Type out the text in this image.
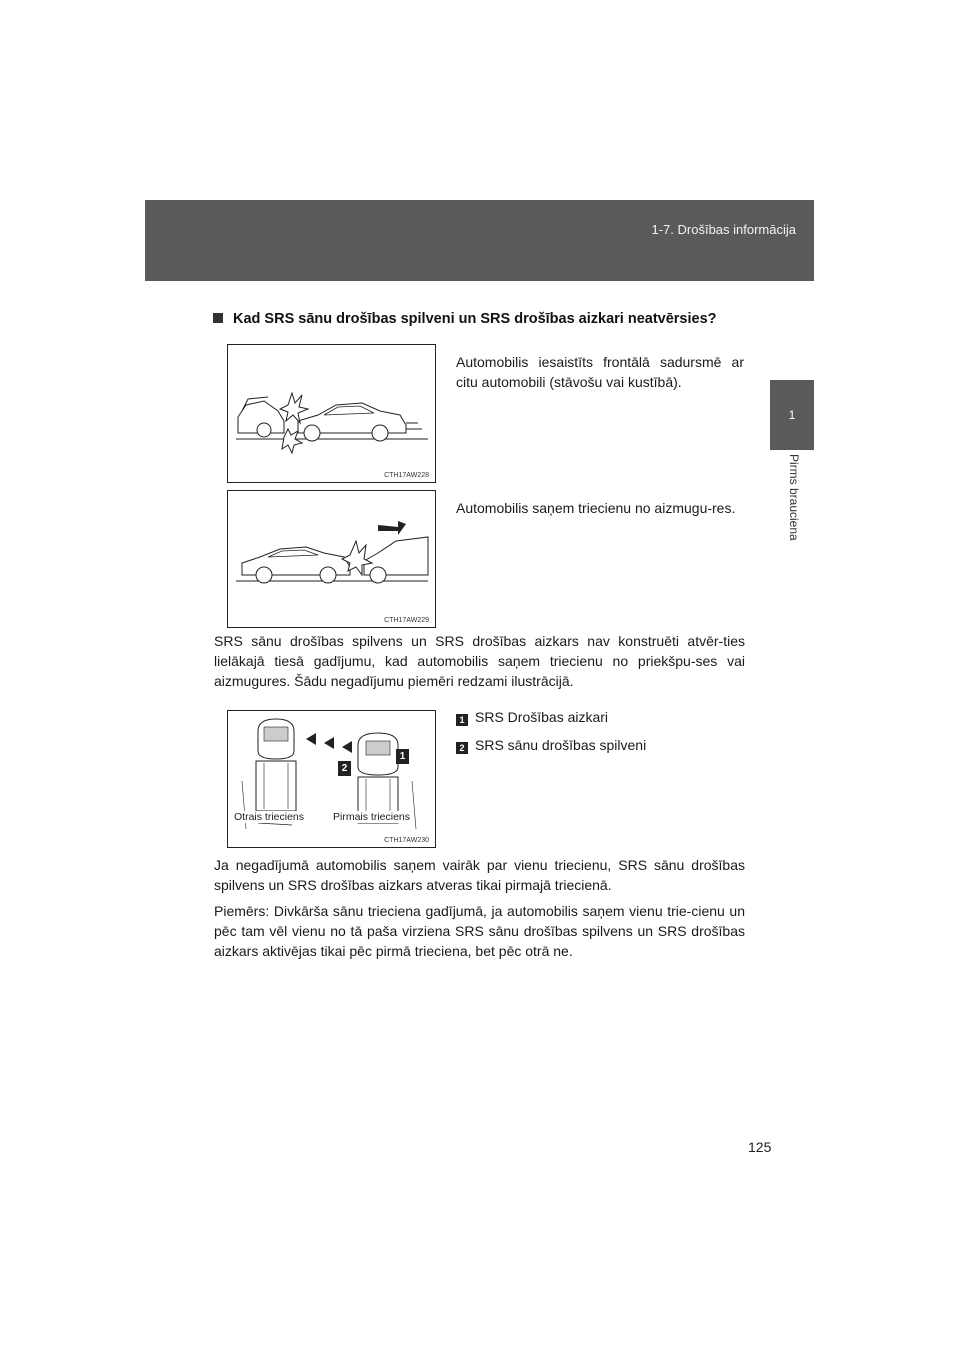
1-7. Drošības informācija
1
Pirms brauciena
Kad SRS sānu drošības spilveni un SRS drošības aizkari neatvērsies?
CTH17AW228
Automobilis iesaistīts frontālā sadursmē ar citu automobili (stāvošu vai kustībā).
CTH17AW229
Automobilis saņem triecienu no aizmugu-res.
SRS sānu drošības spilvens un SRS drošības aizkars nav konstruēti atvēr-ties lielākajā tiesā gadījumu, kad automobilis saņem triecienu no priekšpu-ses vai aizmugures. Šādu negadījumu piemēri redzami ilustrācijā.
2
1
Otrais trieciens	Pirmais trieciens
CTH17AW230
1 SRS Drošības aizkari
2 SRS sānu drošības spilveni
Ja negadījumā automobilis saņem vairāk par vienu triecienu, SRS sānu drošības spilvens un SRS drošības aizkars atveras tikai pirmajā triecienā.
Piemērs: Divkārša sānu trieciena gadījumā, ja automobilis saņem vienu trie-cienu un pēc tam vēl vienu no tā paša virziena SRS sānu drošības spilvens un SRS drošības aizkars aktivējas tikai pēc pirmā trieciena, bet pēc otrā ne.
125
